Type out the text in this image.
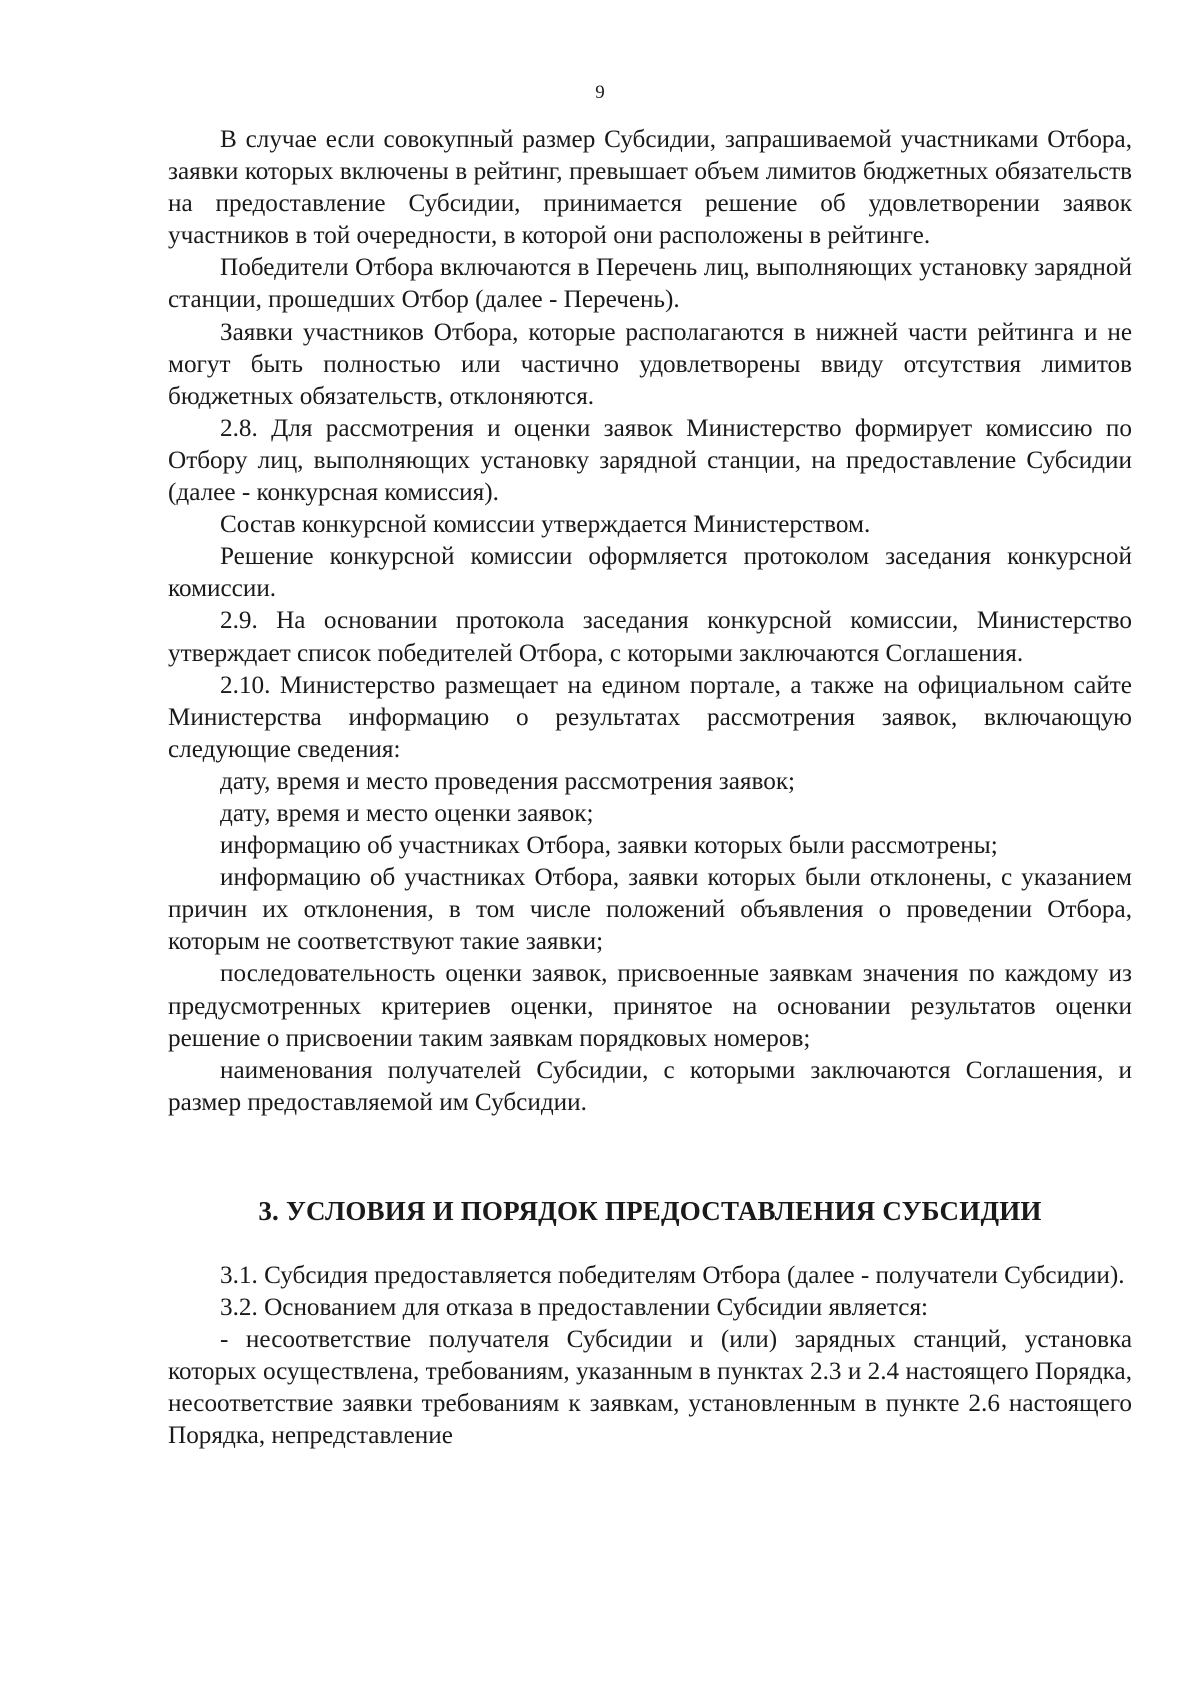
9

В случае если совокупный размер Субсидии, запрашиваемой участниками Отбора, заявки которых включены в рейтинг, превышает объем лимитов бюджетных обязательств на предоставление Субсидии, принимается решение об удовлетворении заявок участников в той очередности, в которой они расположены в рейтинге.

Победители Отбора включаются в Перечень лиц, выполняющих установку зарядной станции, прошедших Отбор (далее - Перечень).

Заявки участников Отбора, которые располагаются в нижней части рейтинга и не могут быть полностью или частично удовлетворены ввиду отсутствия лимитов бюджетных обязательств, отклоняются.

2.8. Для рассмотрения и оценки заявок Министерство формирует комиссию по Отбору лиц, выполняющих установку зарядной станции, на предоставление Субсидии (далее - конкурсная комиссия).

Состав конкурсной комиссии утверждается Министерством.

Решение конкурсной комиссии оформляется протоколом заседания конкурсной комиссии.

2.9. На основании протокола заседания конкурсной комиссии, Министерство утверждает список победителей Отбора, с которыми заключаются Соглашения.

2.10. Министерство размещает на едином портале, а также на официальном сайте Министерства информацию о результатах рассмотрения заявок, включающую следующие сведения:

дату, время и место проведения рассмотрения заявок;

дату, время и место оценки заявок;

информацию об участниках Отбора, заявки которых были рассмотрены;

информацию об участниках Отбора, заявки которых были отклонены, с указанием причин их отклонения, в том числе положений объявления о проведении Отбора, которым не соответствуют такие заявки;

последовательность оценки заявок, присвоенные заявкам значения по каждому из предусмотренных критериев оценки, принятое на основании результатов оценки решение о присвоении таким заявкам порядковых номеров;

наименования получателей Субсидии, с которыми заключаются Соглашения, и размер предоставляемой им Субсидии.

3. УСЛОВИЯ И ПОРЯДОК ПРЕДОСТАВЛЕНИЯ СУБСИДИИ

3.1. Субсидия предоставляется победителям Отбора (далее - получатели Субсидии).

3.2. Основанием для отказа в предоставлении Субсидии является:

- несоответствие получателя Субсидии и (или) зарядных станций, установка которых осуществлена, требованиям, указанным в пунктах 2.3 и 2.4 настоящего Порядка, несоответствие заявки требованиям к заявкам, установленным в пункте 2.6 настоящего Порядка, непредставление
